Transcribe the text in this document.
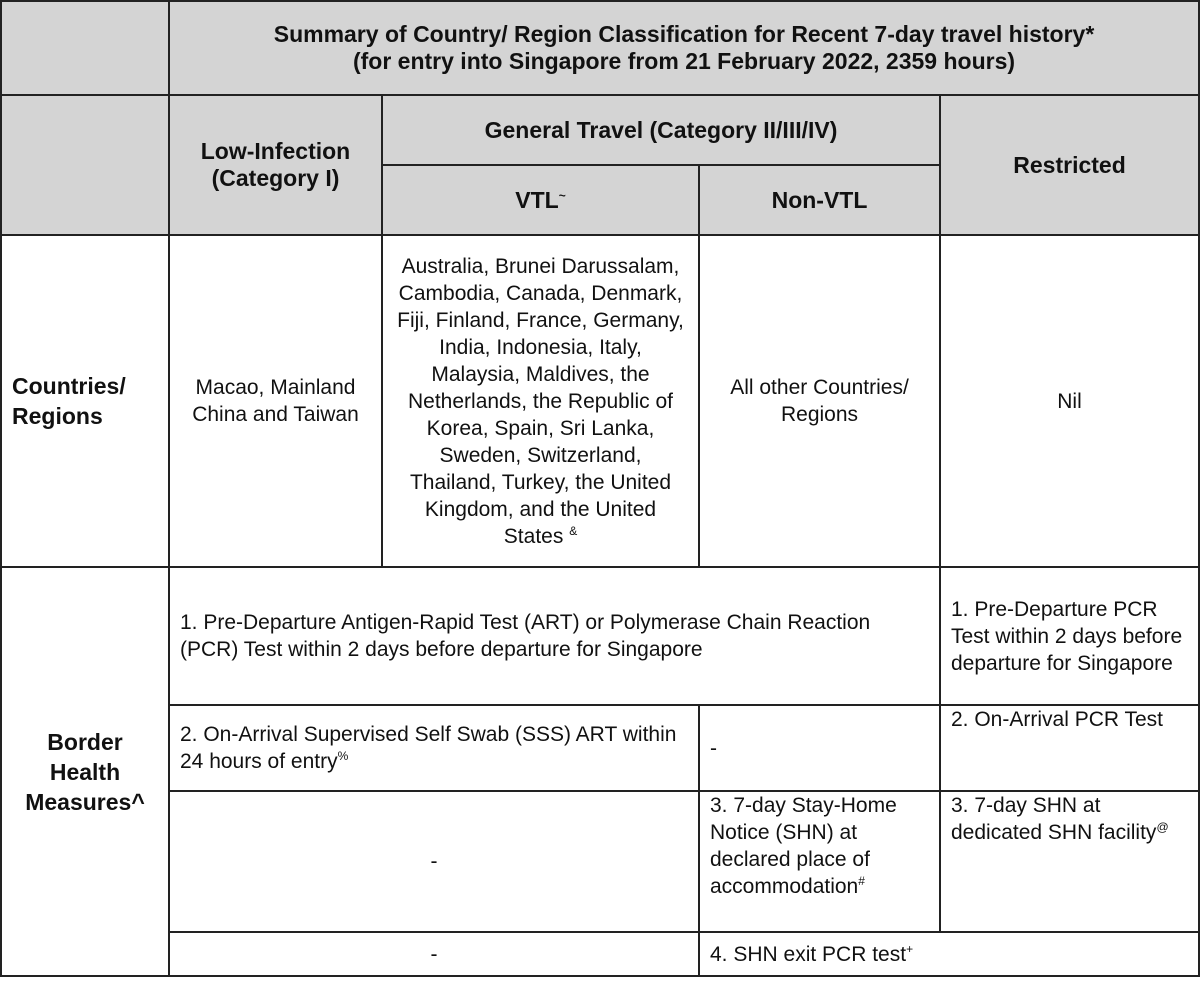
	Summary of Country/ Region Classification for Recent 7-day travel history*
(for entry into Singapore from 21 February 2022, 2359 hours)			

	Low-Infection
(Category I)	General Travel (Category II/III/IV)		Restricted
		VTL~	Non-VTL	

Countries/
Regions	Macao, Mainland China and Taiwan	Australia, Brunei Darussalam, Cambodia, Canada, Denmark, Fiji, Finland, France, Germany, India, Indonesia, Italy, Malaysia, Maldives, the Netherlands, the Republic of Korea, Spain, Sri Lanka, Sweden, Switzerland, Thailand, Turkey, the United Kingdom, and the United States &	All other Countries/ Regions	Nil

Border
Health
Measures^	1. Pre-Departure Antigen-Rapid Test (ART) or Polymerase Chain Reaction (PCR) Test within 2 days before departure for Singapore			1. Pre-Departure PCR Test within 2 days before departure for Singapore
	2. On-Arrival Supervised Self Swab (SSS) ART within 24 hours of entry%		-	2. On-Arrival PCR Test
	-		3. 7-day Stay-Home Notice (SHN) at declared place of accommodation#	3. 7-day SHN at dedicated SHN facility@
	-		4. SHN exit PCR test+
